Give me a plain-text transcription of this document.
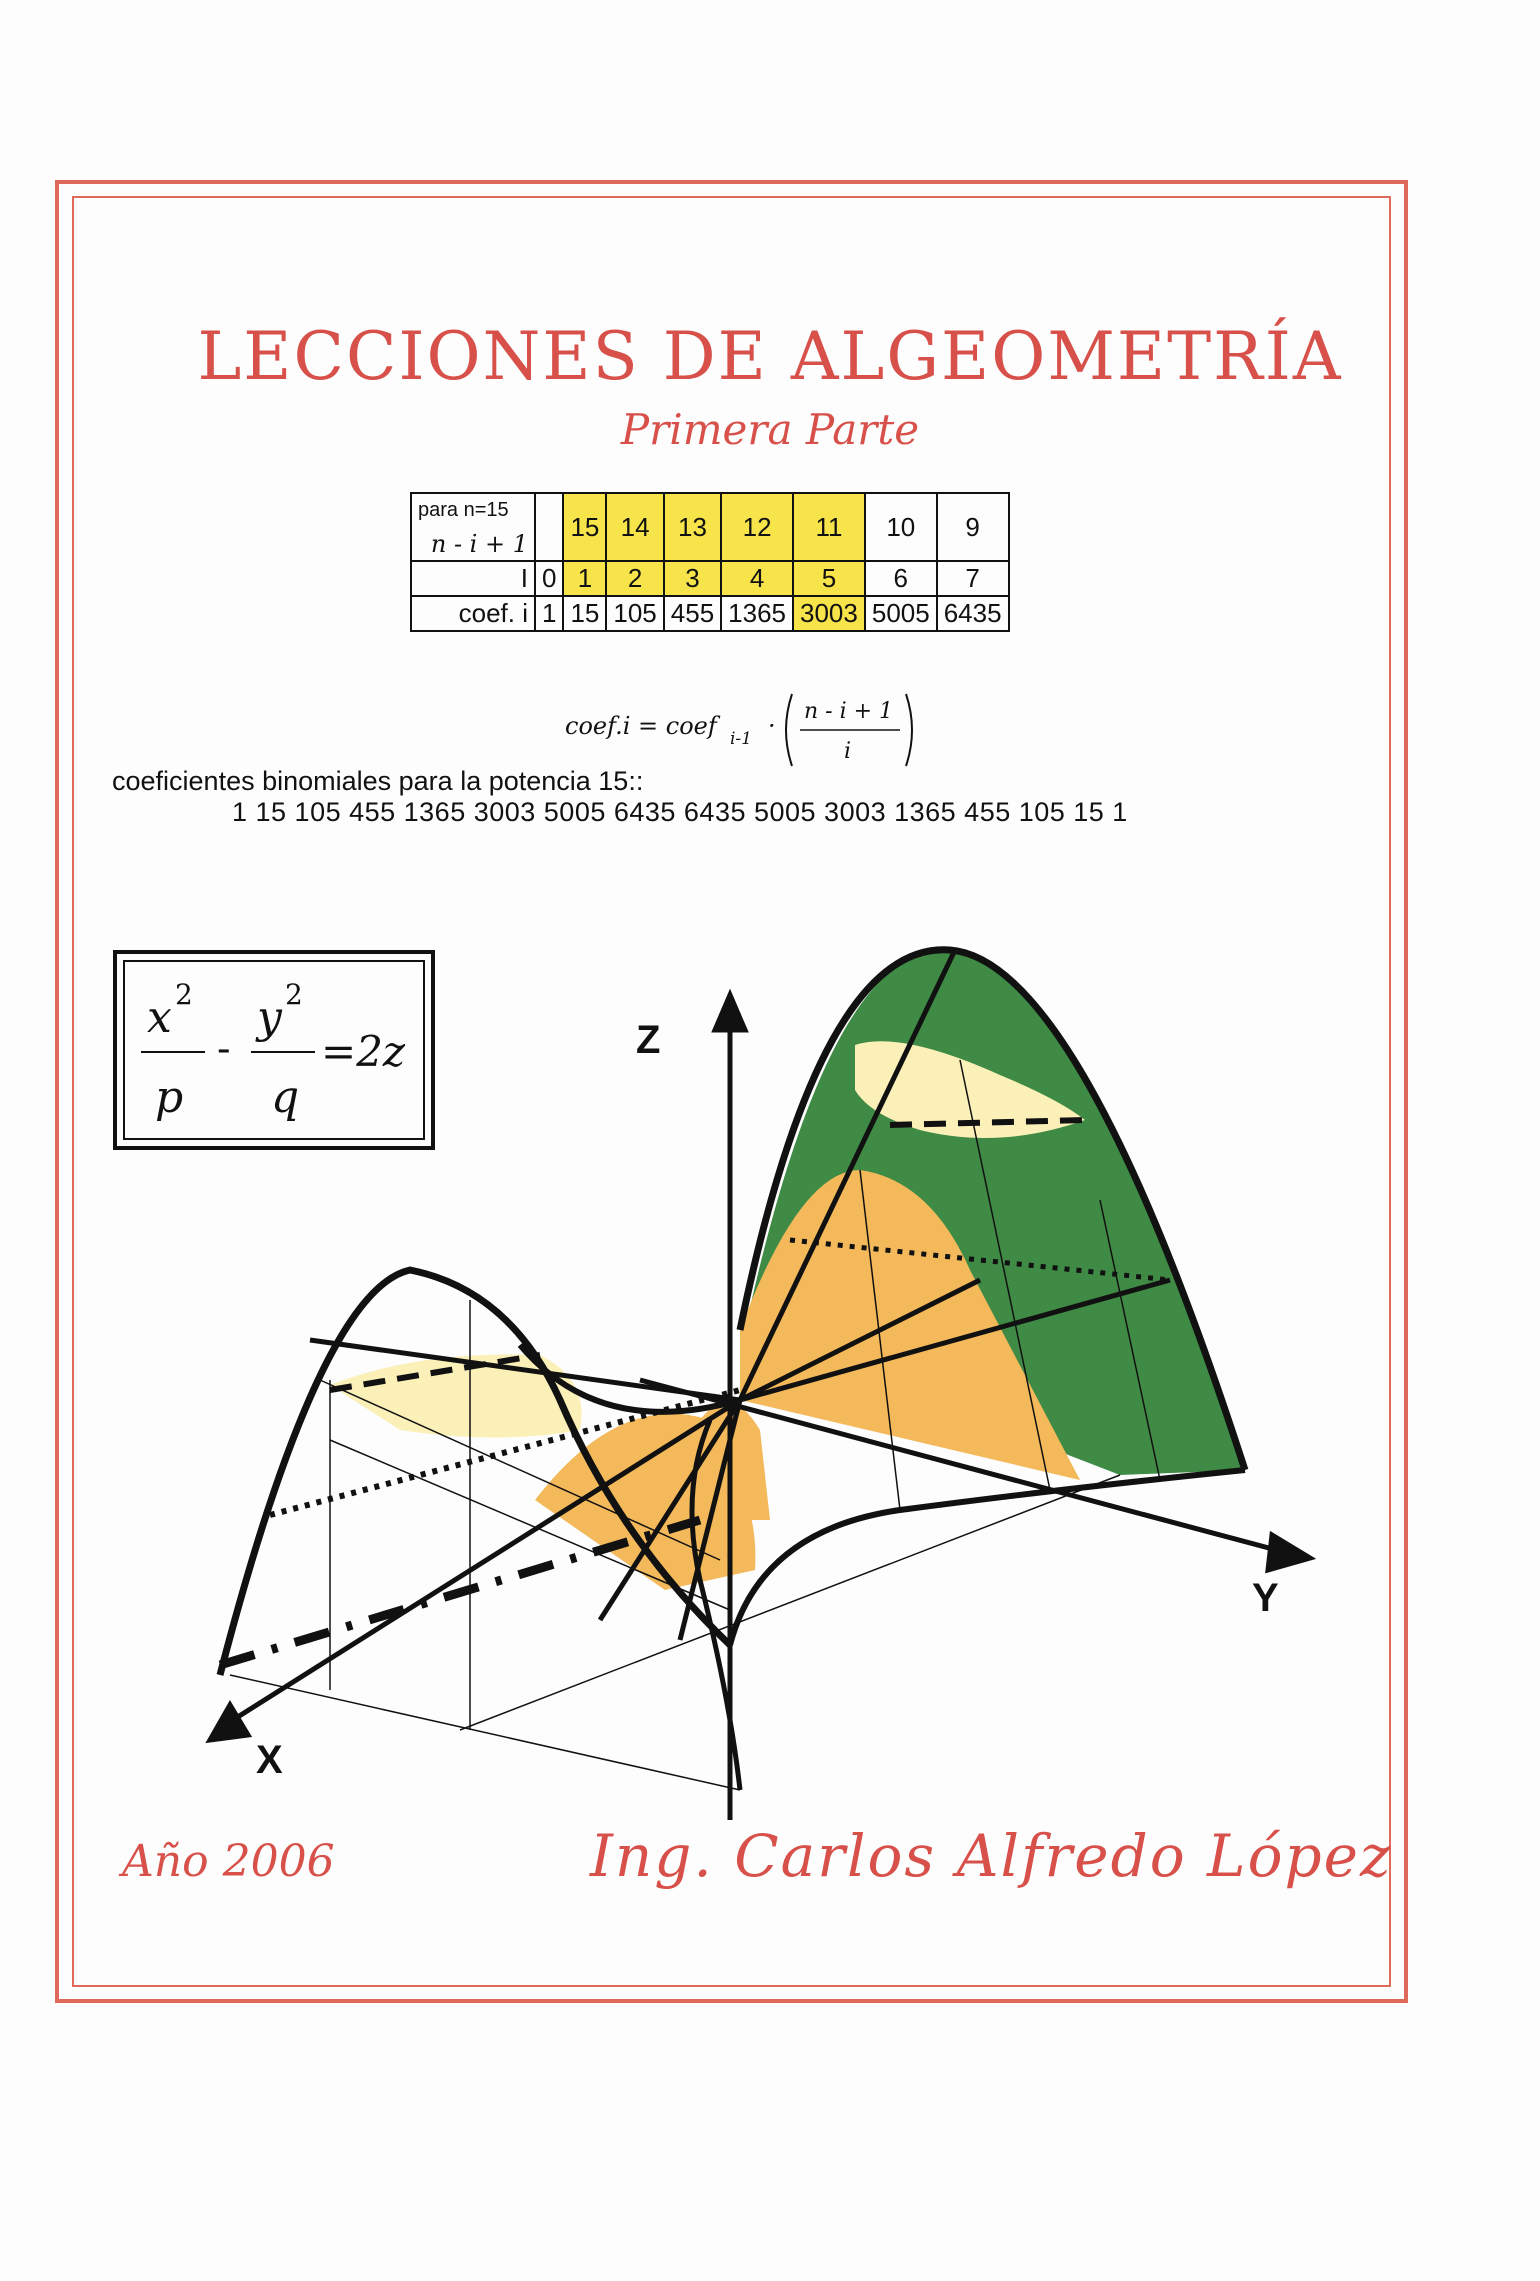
LECCIONES DE ALGEOMETRÍA
Primera Parte
para n=15		15	14	13	12	11	10	9
n - i + 1								
I	0	1	2	3	4	5	6	7
coef. i	1	15	105	455	1365	3003	5005	6435
coef.i = coef i-1 ·
n - i + 1
i
coeficientes binomiales para la potencia 15::
1 15 105 455 1365 3003 5005 6435 6435 5005 3003 1365 455 105 15 1
x 2
p
-
y 2
q
=2z	Z
Y
X
Año 2006	Ing. Carlos Alfredo López
